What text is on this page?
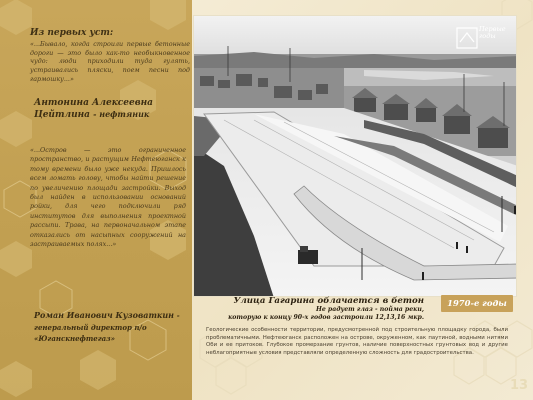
Из первых уст:
«...Бывало, когда строили первые бетонные дороги — это было как-то необыкновенное чудо: люди приходили туда гулять, устраивались пляски, поем песни под гармошку...»
Антонина Алексеевна Цейтлина - нефтяник
«...Остров — это ограниченное пространство, и растущим Нефтеюганск к тому времени было уже некуда. Пришлось всем ломать голову, чтобы найти решение по увеличению площади застройки. Выход был найден в использовании оснований ройки, для чего подключили ряд институтов для выполнения проектной рассыпи. Трава, на первоначальном этапе отказались от насыпных сооружений на застраиваемых полях...»
Роман Иванович Кузоваткин - генеральный директор п/о «Юганскнефтегаз»
Первые годы
Улица Гагарина облачается в бетон
Не радует глаз - поймa реки,
которую к концу 90-х годов застроили 12,13,16 мкр.
1970-е годы
Геологические особенности территории, предусмотренной под строительную площадку города, были проблематичными. Нефтеюганск расположен на острове, окруженном, как паутиной, водными нитями Оби и ее притоков. Глубокое промерзание грунтов, наличие поверхностных грунтовых вод и другие неблагоприятные условия представляли определенную сложность для градостроительства.
13
